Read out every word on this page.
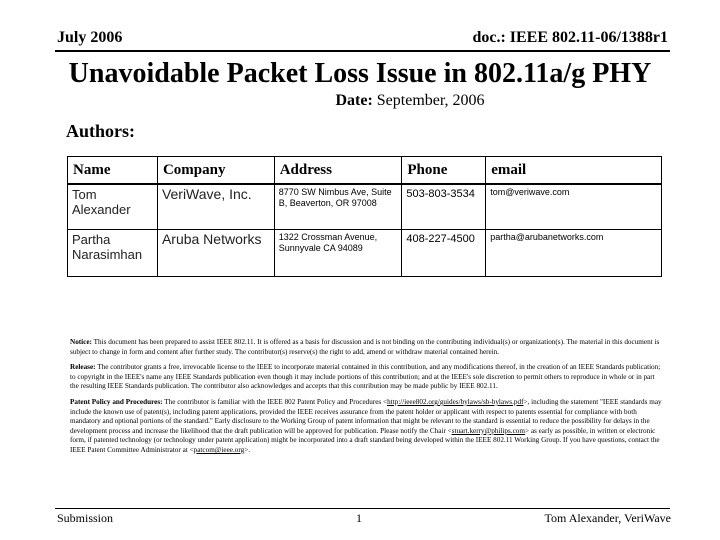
July 2006	doc.: IEEE 802.11-06/1388r1
Unavoidable Packet Loss Issue in 802.11a/g PHY
Date: September, 2006
Authors:
Name	Company	Address	Phone	email
Tom Alexander	VeriWave, Inc.	8770 SW Nimbus Ave, Suite B, Beaverton, OR 97008	503-803-3534	tom@veriwave.com
Partha Narasimhan	Aruba Networks	1322 Crossman Avenue, Sunnyvale CA 94089	408-227-4500	partha@arubanetworks.com

Notice: This document has been prepared to assist IEEE 802.11. It is offered as a basis for discussion and is not binding on the contributing individual(s) or organization(s). The material in this document is subject to change in form and content after further study. The contributor(s) reserve(s) the right to add, amend or withdraw material contained herein.

Release: The contributor grants a free, irrevocable license to the IEEE to incorporate material contained in this contribution, and any modifications thereof, in the creation of an IEEE Standards publication; to copyright in the IEEE's name any IEEE Standards publication even though it may include portions of this contribution; and at the IEEE's sole discretion to permit others to reproduce in whole or in part the resulting IEEE Standards publication. The contributor also acknowledges and accepts that this contribution may be made public by IEEE 802.11.

Patent Policy and Procedures: The contributor is familiar with the IEEE 802 Patent Policy and Procedures <http://ieee802.org/guides/bylaws/sb-bylaws.pdf>, including the statement "IEEE standards may include the known use of patent(s), including patent applications, provided the IEEE receives assurance from the patent holder or applicant with respect to patents essential for compliance with both mandatory and optional portions of the standard." Early disclosure to the Working Group of patent information that might be relevant to the standard is essential to reduce the possibility for delays in the development process and increase the likelihood that the draft publication will be approved for publication. Please notify the Chair <stuart.kerry@philips.com> as early as possible, in written or electronic form, if patented technology (or technology under patent application) might be incorporated into a draft standard being developed within the IEEE 802.11 Working Group. If you have questions, contact the IEEE Patent Committee Administrator at <patcom@ieee.org>.

Submission	1	Tom Alexander, VeriWave
